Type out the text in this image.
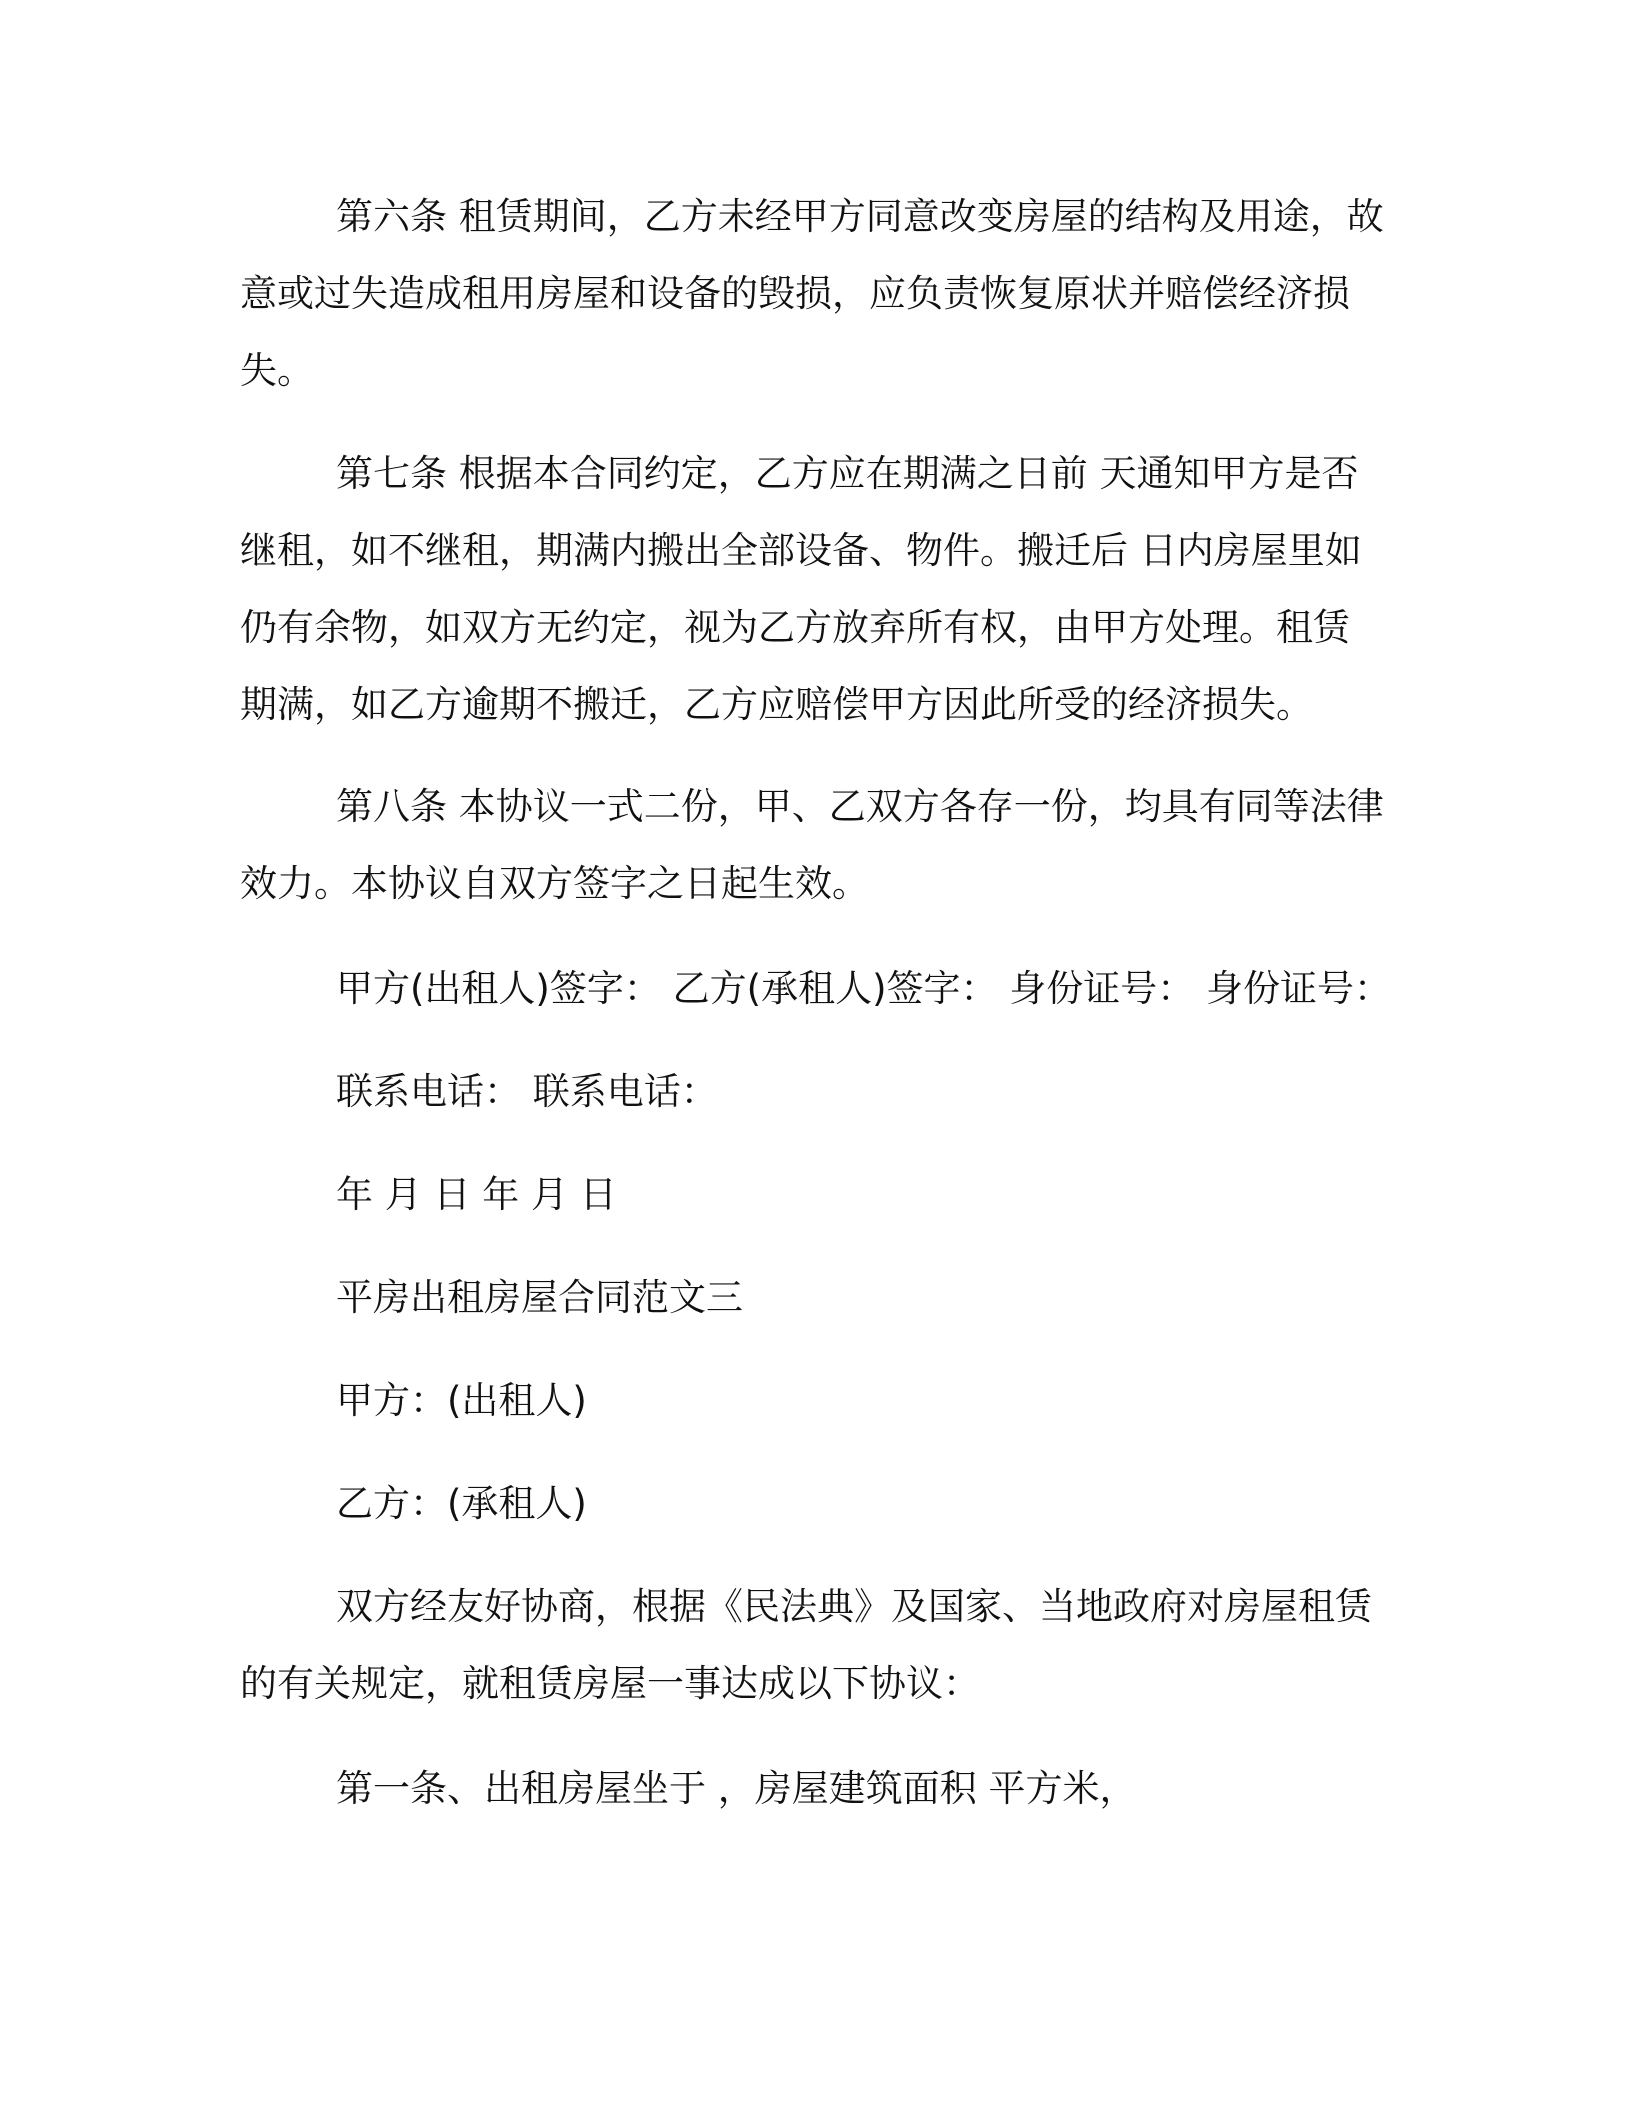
第六条 租赁期间，乙方未经甲方同意改变房屋的结构及用途，故
意或过失造成租用房屋和设备的毁损，应负责恢复原状并赔偿经济损
失。
第七条 根据本合同约定，乙方应在期满之日前 天通知甲方是否
继租，如不继租，期满内搬出全部设备、物件。搬迁后 日内房屋里如
仍有余物，如双方无约定，视为乙方放弃所有权，由甲方处理。租赁
期满，如乙方逾期不搬迁，乙方应赔偿甲方因此所受的经济损失。
第八条 本协议一式二份，甲、乙双方各存一份，均具有同等法律
效力。本协议自双方签字之日起生效。
甲方(出租人)签字： 乙方(承租人)签字： 身份证号： 身份证号：
联系电话： 联系电话：
年 月 日 年 月 日
平房出租房屋合同范文三
甲方：(出租人)
乙方：(承租人)
双方经友好协商，根据《民法典》及国家、当地政府对房屋租赁
的有关规定，就租赁房屋一事达成以下协议：
第一条、出租房屋坐于 ，房屋建筑面积 平方米，
